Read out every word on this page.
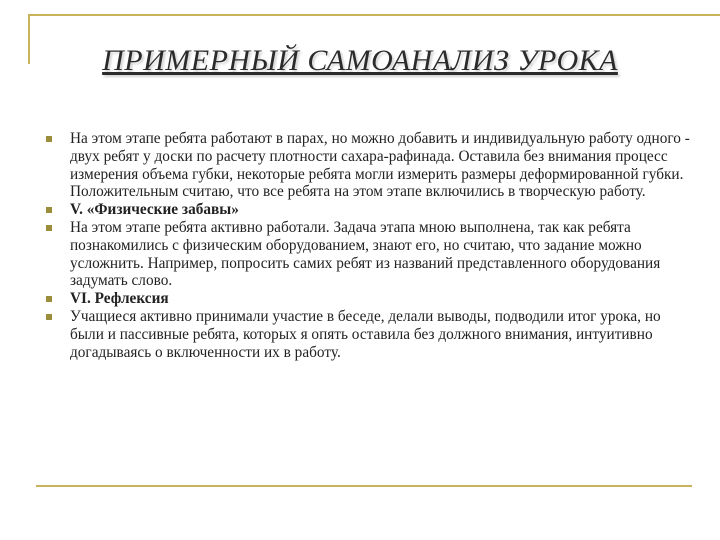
ПРИМЕРНЫЙ САМОАНАЛИЗ УРОКА
На этом этапе ребята работают в парах, но можно добавить и индивидуальную работу одного - двух ребят у доски по расчету плотности сахара-рафинада. Оставила без внимания процесс измерения объема губки, некоторые ребята могли измерить размеры деформированной губки. Положительным считаю, что все ребята на этом этапе включились в творческую работу.
V. «Физические забавы»
На этом этапе ребята активно работали. Задача этапа мною выполнена, так как ребята познакомились с физическим оборудованием, знают его, но считаю, что задание можно усложнить. Например, попросить самих ребят из названий представленного оборудования задумать слово.
VI. Рефлексия
Учащиеся активно принимали участие в беседе, делали выводы, подводили итог урока, но были и пассивные ребята, которых я опять оставила без должного внимания, интуитивно догадываясь о включенности их в работу.
